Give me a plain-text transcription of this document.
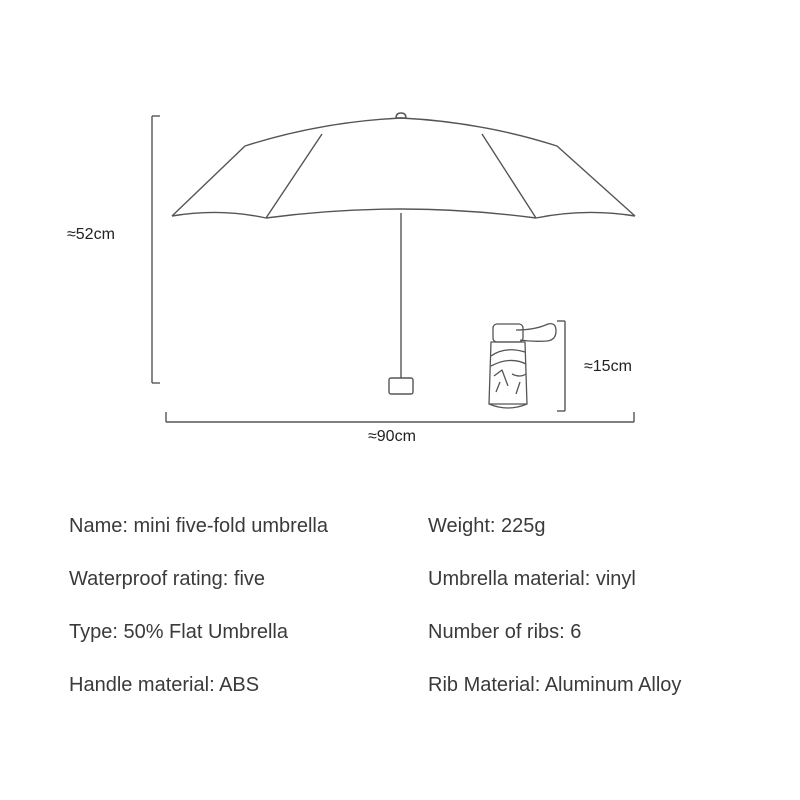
≈52cm
≈90cm
≈15cm
Name: mini five-fold umbrella
Waterproof rating: five
Type: 50% Flat Umbrella
Handle material: ABS
Weight: 225g
Umbrella material: vinyl
Number of ribs: 6
Rib Material: Aluminum Alloy
